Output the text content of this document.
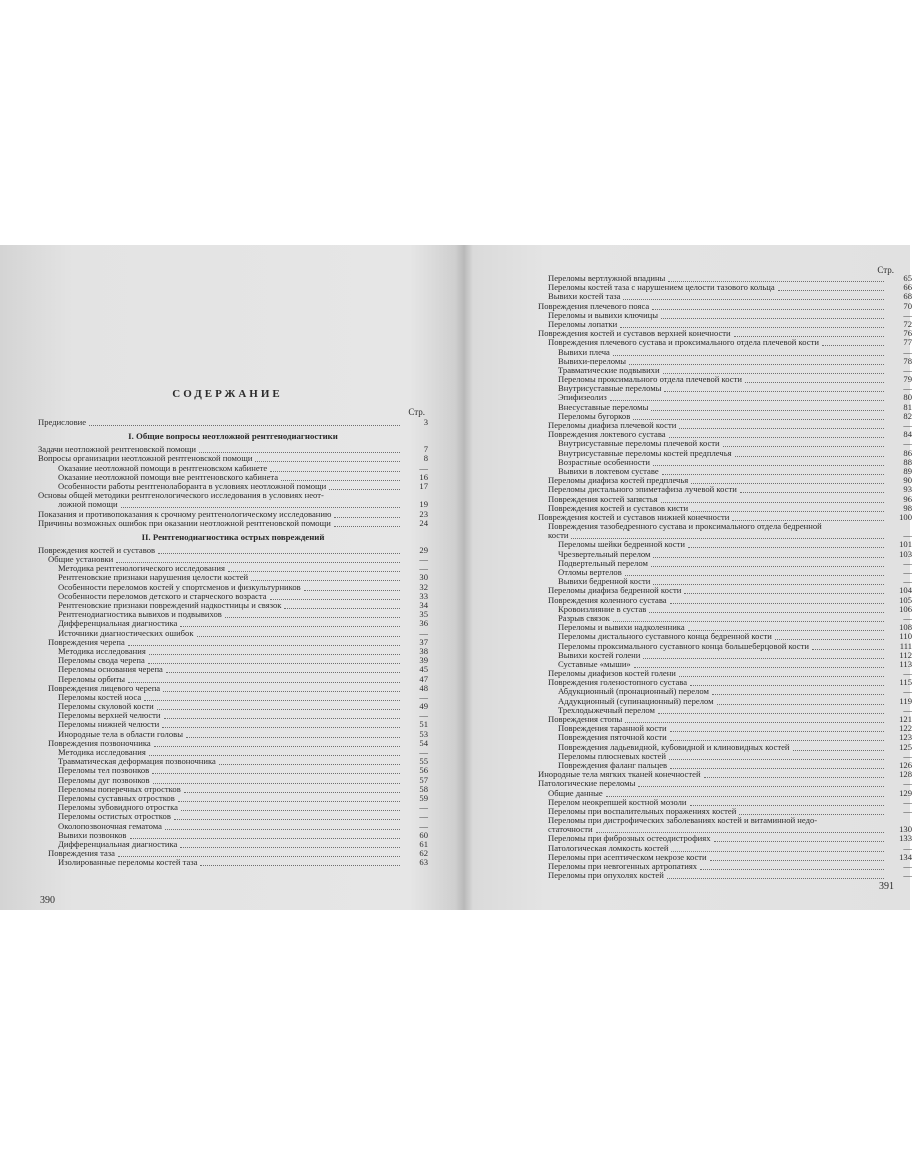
СОДЕРЖАНИЕ
Стр.
Предисловие	3
I. Общие вопросы неотложной рентгенодиагностики
Задачи неотложной рентгеновской помощи	7
Вопросы организации неотложной рентгеновской помощи	8
Оказание неотложной помощи в рентгеновском кабинете	—
Оказание неотложной помощи вне рентгеновского кабинета	16
Особенности работы рентгенолаборанта в условиях неотложной помощи	17
Основы общей методики рентгенологического исследования в условиях неот-
ложной помощи	19
Показания и противопоказания к срочному рентгенологическому исследованию	23
Причины возможных ошибок при оказании неотложной рентгеновской помощи	24
II. Рентгенодиагностика острых повреждений
Повреждения костей и суставов	29
Общие установки	—
Методика рентгенологического исследования	—
Рентгеновские признаки нарушения целости костей	30
Особенности переломов костей у спортсменов и физкультурников	32
Особенности переломов детского и старческого возраста	33
Рентгеновские признаки повреждений надкостницы и связок	34
Рентгенодиагностика вывихов и подвывихов	35
Дифференциальная диагностика	36
Источники диагностических ошибок	—
Повреждения черепа	37
Методика исследования	38
Переломы свода черепа	39
Переломы основания черепа	45
Переломы орбиты	47
Повреждения лицевого черепа	48
Переломы костей носа	—
Переломы скуловой кости	49
Переломы верхней челюсти	—
Переломы нижней челюсти	51
Инородные тела в области головы	53
Повреждения позвоночника	54
Методика исследования	—
Травматическая деформация позвоночника	55
Переломы тел позвонков	56
Переломы дуг позвонков	57
Переломы поперечных отростков	58
Переломы суставных отростков	59
Переломы зубовидного отростка	—
Переломы остистых отростков	—
Околопозвоночная гематома	—
Вывихи позвонков	60
Дифференциальная диагностика	61
Повреждения таза	62
Изолированные переломы костей таза	63
390
Стр.
Переломы вертлужной впадины	65
Переломы костей таза с нарушением целости тазового кольца	66
Вывихи костей таза	68
Повреждения плечевого пояса	70
Переломы и вывихи ключицы	—
Переломы лопатки	72
Повреждения костей и суставов верхней конечности	76
Повреждения плечевого сустава и проксимального отдела плечевой кости	77
Вывихи плеча	—
Вывихи-переломы	78
Травматические подвывихи	—
Переломы проксимального отдела плечевой кости	79
Внутрисуставные переломы	—
Эпифизеолиз	80
Внесуставные переломы	81
Переломы бугорков	82
Переломы диафиза плечевой кости	—
Повреждения локтевого сустава	84
Внутрисуставные переломы плечевой кости	—
Внутрисуставные переломы костей предплечья	86
Возрастные особенности	88
Вывихи в локтевом суставе	89
Переломы диафиза костей предплечья	90
Переломы дистального эпиметафиза лучевой кости	93
Повреждения костей запястья	96
Повреждения костей и суставов кисти	98
Повреждения костей и суставов нижней конечности	100
Повреждения тазобедренного сустава и проксимального отдела бедренной
кости	—
Переломы шейки бедренной кости	101
Чрезвертельный перелом	103
Подвертельный перелом	—
Отломы вертелов	—
Вывихи бедренной кости	—
Переломы диафиза бедренной кости	104
Повреждения коленного сустава	105
Кровоизлияние в сустав	106
Разрыв связок	—
Переломы и вывихи надколенника	108
Переломы дистального суставного конца бедренной кости	110
Переломы проксимального суставного конца большеберцовой кости	111
Вывихи костей голени	112
Суставные «мыши»	113
Переломы диафизов костей голени	—
Повреждения голеностопного сустава	115
Абдукционный (пронационный) перелом	—
Аддукционный (супинационный) перелом	119
Трехлодыжечный перелом	—
Повреждения стопы	121
Повреждения таранной кости	122
Повреждения пяточной кости	123
Повреждения ладьевидной, кубовидной и клиновидных костей	125
Переломы плюсневых костей	—
Повреждения фаланг пальцев	126
Инородные тела мягких тканей конечностей	128
Патологические переломы	—
Общие данные	129
Перелом неокрепшей костной мозоли	—
Переломы при воспалительных поражениях костей	—
Переломы при дистрофических заболеваниях костей и витаминной недо-
статочности	130
Переломы при фиброзных остеодистрофиях	133
Патологическая ломкость костей	—
Переломы при асептическом некрозе кости	134
Переломы при невrогенных артропатиях	—
Переломы при опухолях костей	—
391
